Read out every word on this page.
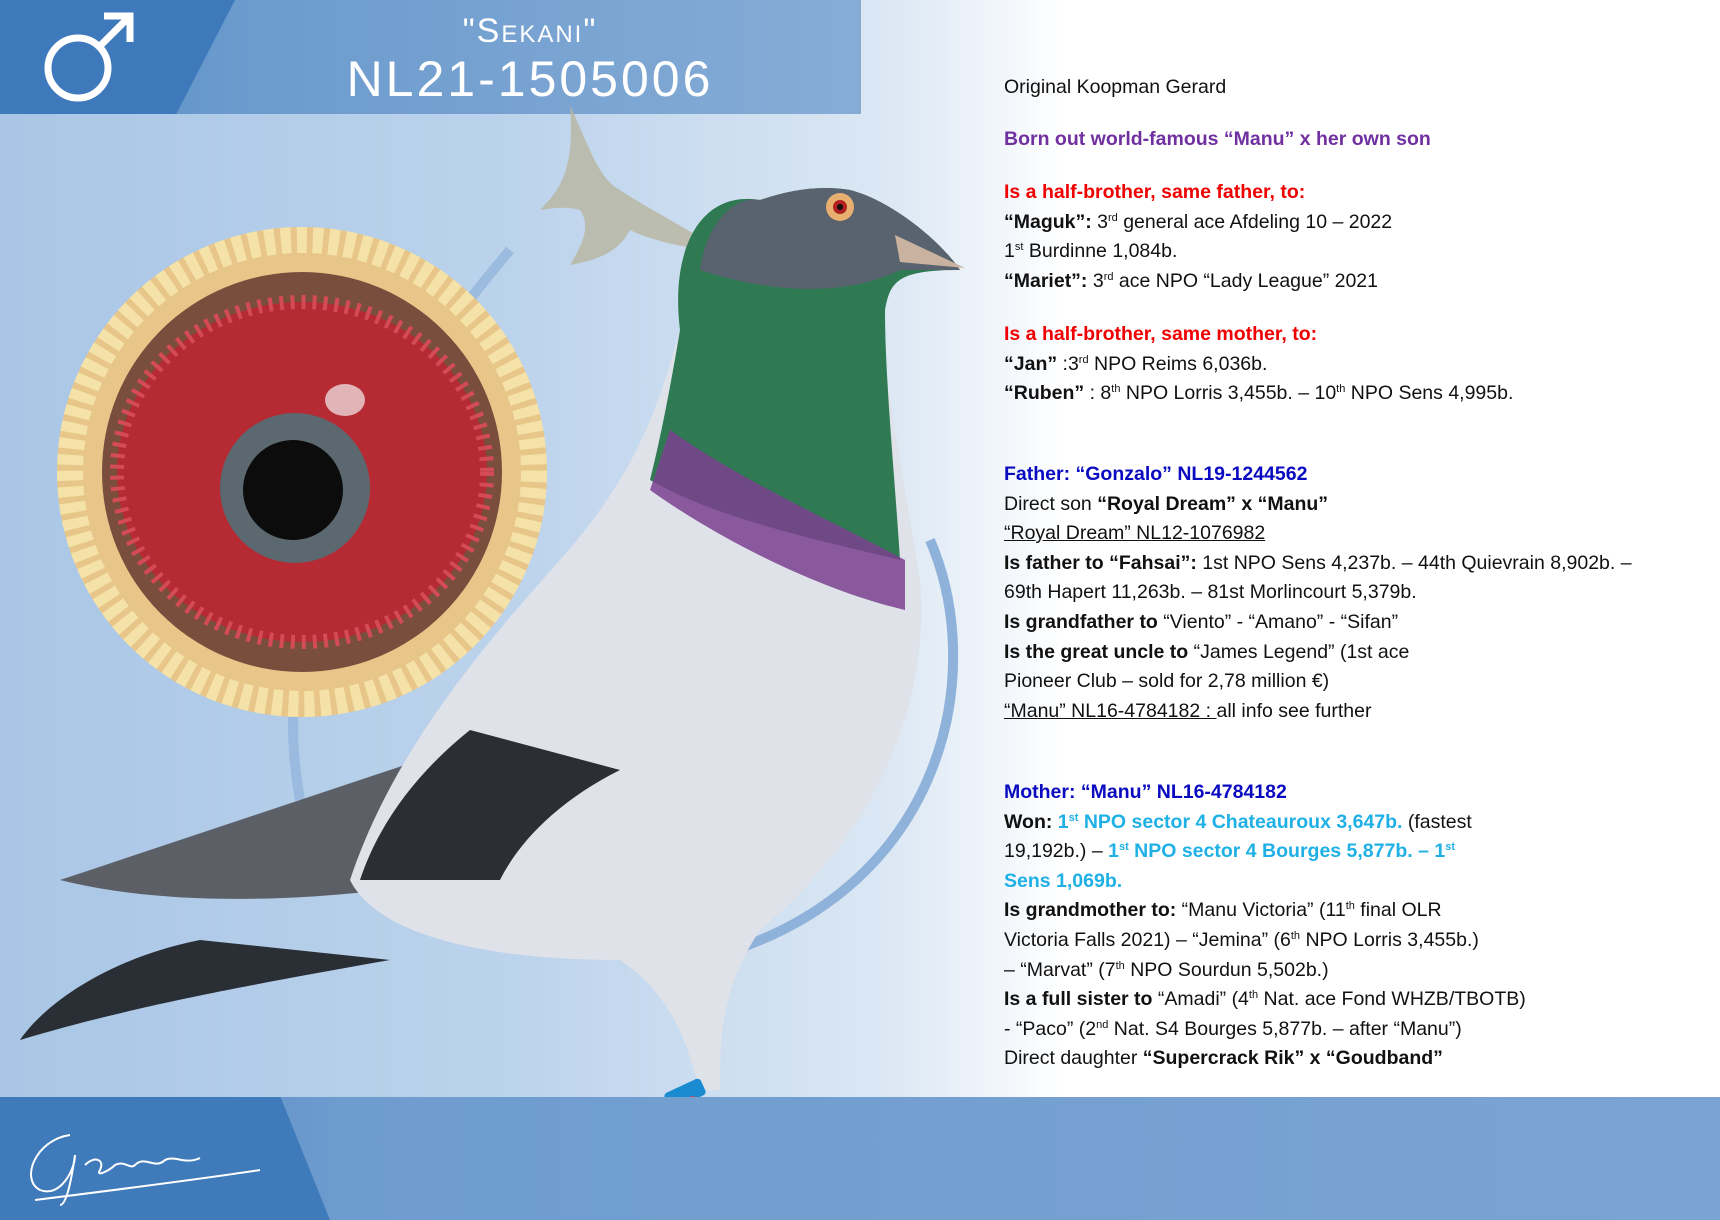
"Sekani"
NL21-1505006	Original Koopman Gerard
Born out world-famous “Manu” x her own son
Is a half-brother, same father, to:
“Maguk”: 3rd general ace Afdeling 10 – 2022
1st Burdinne 1,084b.
“Mariet”: 3rd ace NPO “Lady League” 2021
Is a half-brother, same mother, to:
“Jan” :3rd NPO Reims 6,036b.
“Ruben” : 8th NPO Lorris 3,455b. – 10th NPO Sens 4,995b.
Father: “Gonzalo” NL19-1244562
Direct son “Royal Dream” x “Manu”
“Royal Dream” NL12-1076982
Is father to “Fahsai”: 1st NPO Sens 4,237b. – 44th Quievrain 8,902b. –
69th Hapert 11,263b. – 81st Morlincourt 5,379b.
Is grandfather to “Viento” - “Amano” - “Sifan”
Is the great uncle to “James Legend” (1st ace
Pioneer Club – sold for 2,78 million €)
“Manu” NL16-4784182 : all info see further
Mother: “Manu” NL16-4784182
Won: 1st NPO sector 4 Chateauroux 3,647b. (fastest
19,192b.) – 1st NPO sector 4 Bourges 5,877b. – 1st
Sens 1,069b.
Is grandmother to: “Manu Victoria” (11th final OLR
Victoria Falls 2021) – “Jemina” (6th NPO Lorris 3,455b.)
– “Marvat” (7th NPO Sourdun 5,502b.)
Is a full sister to “Amadi” (4th Nat. ace Fond WHZB/TBOTB)
- “Paco” (2nd Nat. S4 Bourges 5,877b. – after “Manu”)
Direct daughter “Supercrack Rik” x “Goudband”
